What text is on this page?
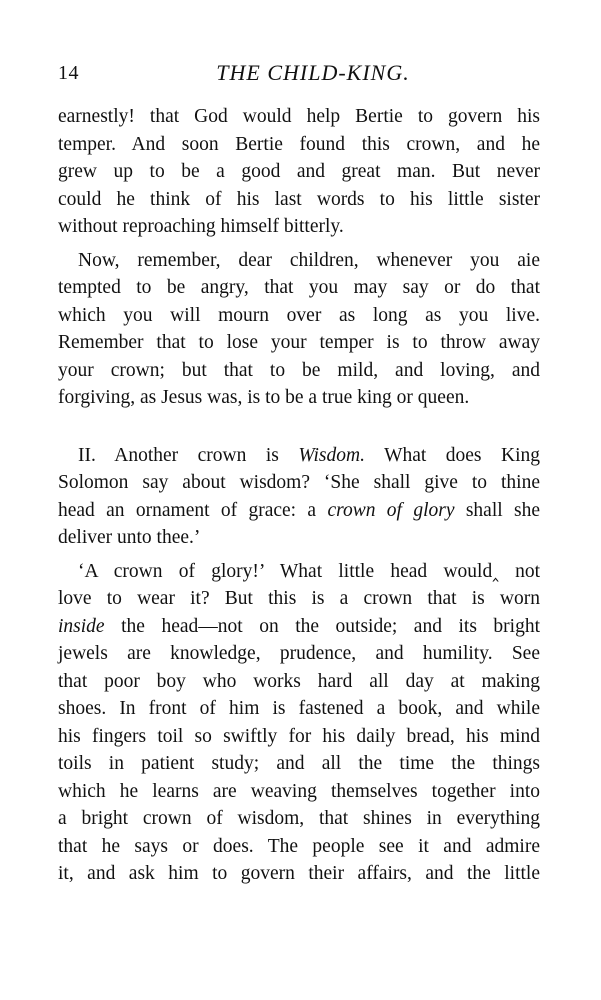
14	THE CHILD-KING.
earnestly! that God would help Bertie to govern his
temper. And soon Bertie found this crown, and he
grew up to be a good and great man. But never
could he think of his last words to his little sister
without reproaching himself bitterly.
Now, remember, dear children, whenever you aie
tempted to be angry, that you may say or do that
which you will mourn over as long as you live.
Remember that to lose your temper is to throw away
your crown; but that to be mild, and loving, and
forgiving, as Jesus was, is to be a true king or queen.
II. Another crown is Wisdom. What does King
Solomon say about wisdom? ‘She shall give to thine
head an ornament of grace: a crown of glory shall she
deliver unto thee.’
‘A crown of glory!’ What little head would‸ not
love to wear it? But this is a crown that is worn
inside the head—not on the outside; and its bright
jewels are knowledge, prudence, and humility. See
that poor boy who works hard all day at making
shoes. In front of him is fastened a book, and while
his fingers toil so swiftly for his daily bread, his mind
toils in patient study; and all the time the things
which he learns are weaving themselves together into
a bright crown of wisdom, that shines in everything
that he says or does. The people see it and admire
it, and ask him to govern their affairs, and the little
